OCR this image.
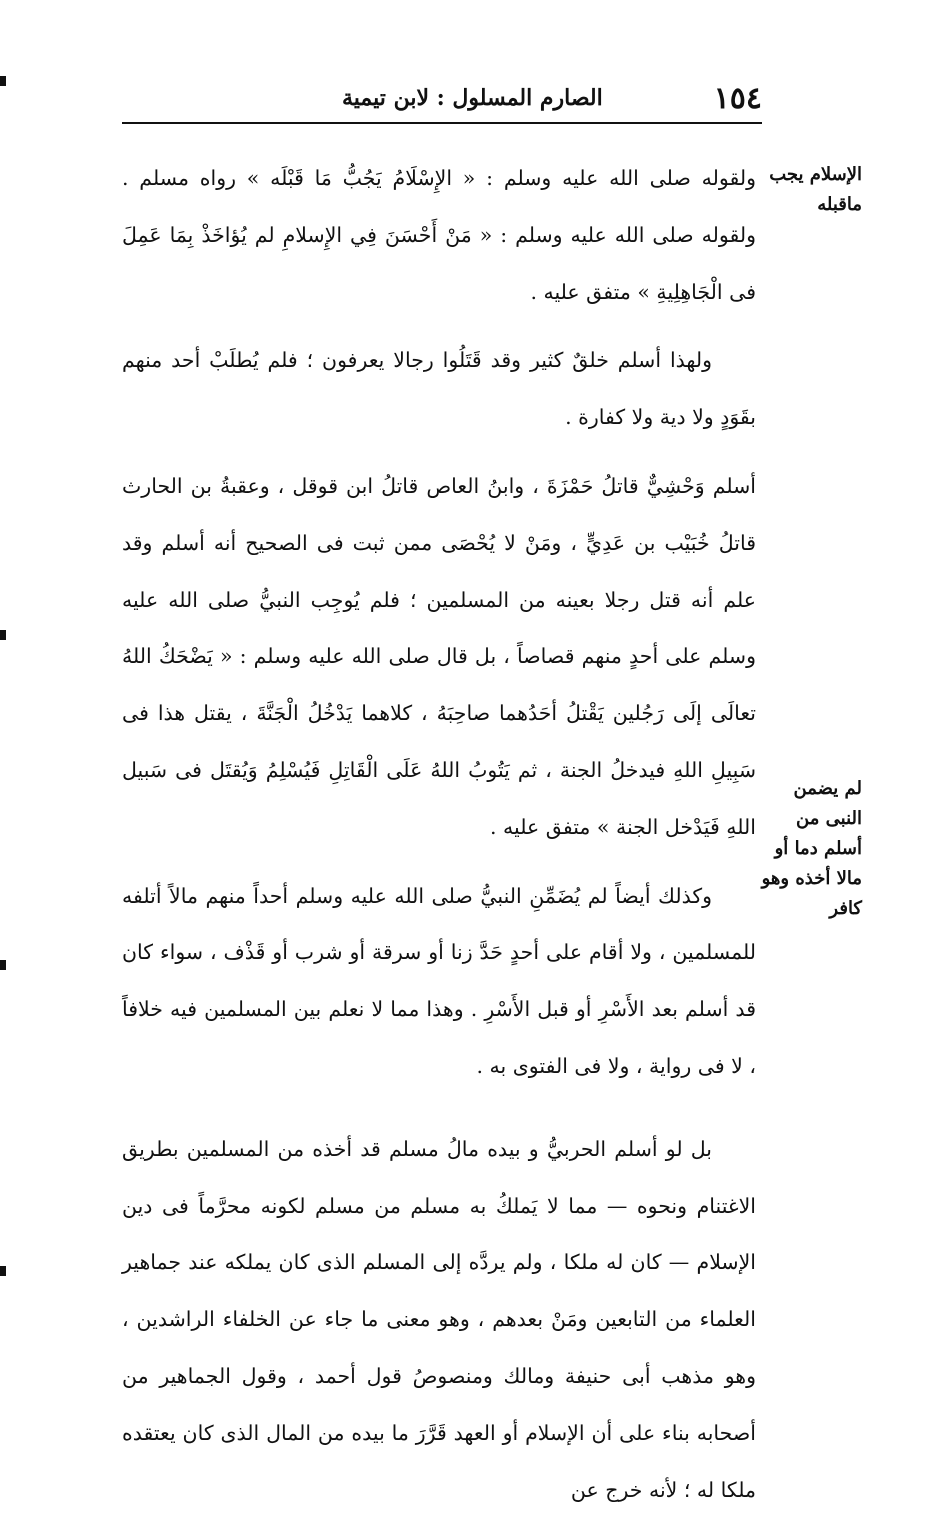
١٥٤
الصارم المسلول : لابن تيمية
الإسلام يجب ماقبله
لم يضمن النبى من أسلم دما أو مالا أخذه وهو كافر

ولقوله صلى الله عليه وسلم : « الإِسْلَامُ يَجُبُّ مَا قَبْلَه » رواه مسلم . ولقوله صلى الله عليه وسلم : « مَنْ أَحْسَنَ فِي الإِسلامِ لم يُؤاخَذْ بِمَا عَمِلَ فى الْجَاهِلِيةِ » متفق عليه .

ولهذا أسلم خلقٌ كثير وقد قَتَلُوا رجالا يعرفون ؛ فلم يُطلَبْ أحد منهم بقَوَدٍ ولا دية ولا كفارة .

أسلم وَحْشِيٌّ قاتلُ حَمْزَةَ ، وابنُ العاص قاتلُ ابن قوقل ، وعقبةُ بن الحارث قاتلُ خُبَيْب بن عَدِيٍّ ، ومَنْ لا يُحْصَى ممن ثبت فى الصحيح أنه أسلم وقد علم أنه قتل رجلا بعينه من المسلمين ؛ فلم يُوجِب النبيُّ صلى الله عليه وسلم على أحدٍ منهم قصاصاً ، بل قال صلى الله عليه وسلم : « يَضْحَكُ اللهُ تعالَى إلَى رَجُلين يَقْتلُ أحَدُهما صاحِبَهُ ، كلاهما يَدْخُلُ الْجَنَّةَ ، يقتل هذا فى سَبِيلِ اللهِ فيدخلُ الجنة ، ثم يَتُوبُ اللهُ عَلَى الْقَاتِلِ فَيُسْلِمُ وَيُقتَل فى سَبيل اللهِ فَيَدْخل الجنة » متفق عليه .

وكذلك أيضاً لم يُضَمِّنِ النبيُّ صلى الله عليه وسلم أحداً منهم مالاً أتلفه للمسلمين ، ولا أقام على أحدٍ حَدَّ زنا أو سرقة أو شرب أو قَذْف ، سواء كان قد أسلم بعد الأَسْرِ أو قبل الأَسْرِ . وهذا مما لا نعلم بين المسلمين فيه خلافاً ، لا فى رواية ، ولا فى الفتوى به .

بل لو أسلم الحربيُّ و بيده مالُ مسلم قد أخذه من المسلمين بطريق الاغتنام ونحوه — مما لا يَملكُ به مسلم من مسلم لكونه محرَّماً فى دين الإسلام — كان له ملكا ، ولم يردَّه إلى المسلم الذى كان يملكه عند جماهير العلماء من التابعين ومَنْ بعدهم ، وهو معنى ما جاء عن الخلفاء الراشدين ، وهو مذهب أبى حنيفة ومالك ومنصوصُ قول أحمد ، وقول الجماهير من أصحابه بناء على أن الإسلام أو العهد قَرَّرَ ما بيده من المال الذى كان يعتقده ملكا له ؛ لأنه خرج عن
